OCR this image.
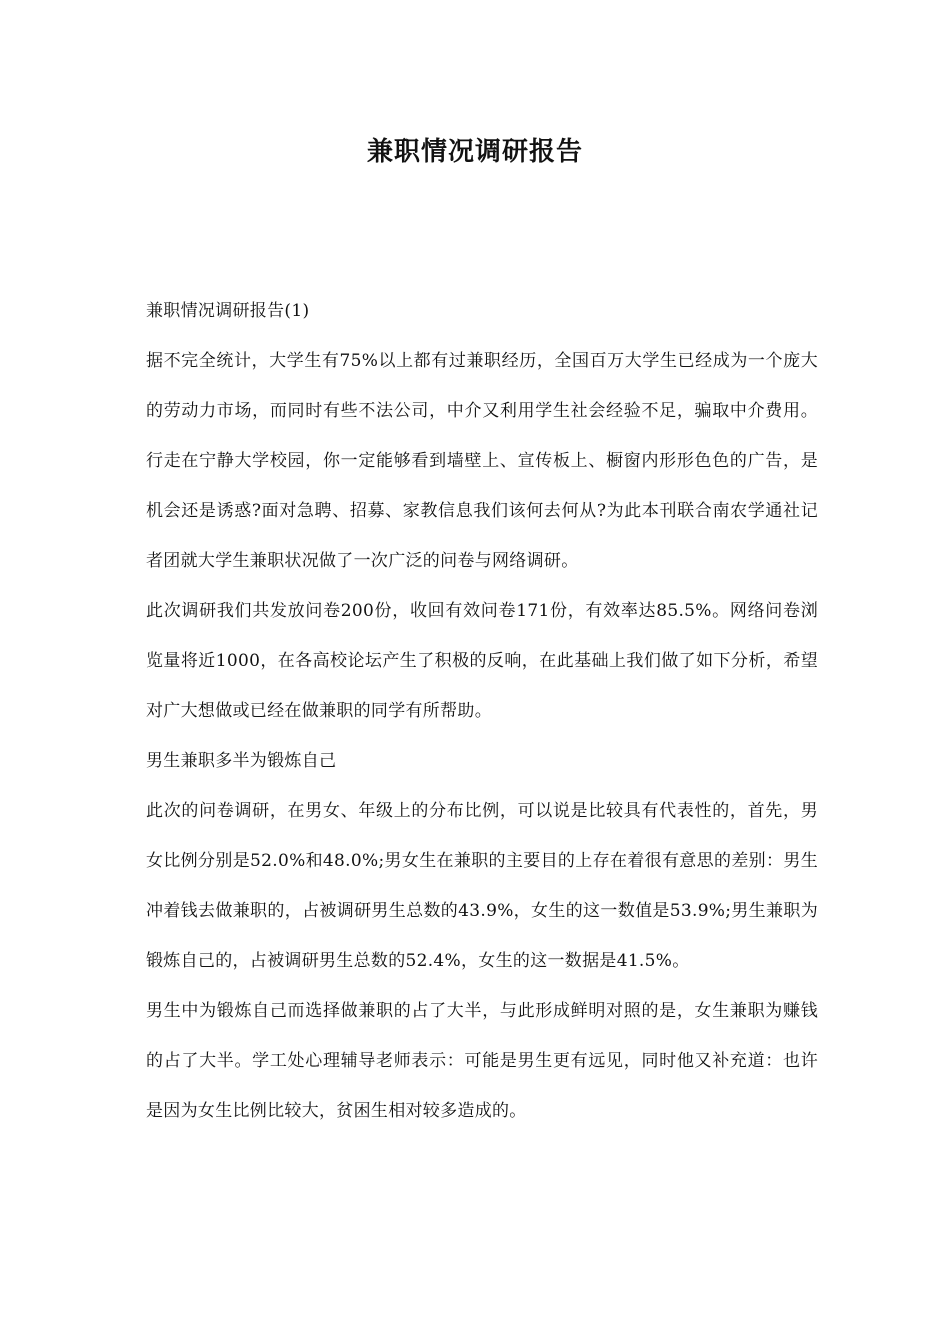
兼职情况调研报告

兼职情况调研报告(1)

据不完全统计，大学生有75%以上都有过兼职经历，全国百万大学生已经成为一个庞大的劳动力市场，而同时有些不法公司，中介又利用学生社会经验不足，骗取中介费用。行走在宁静大学校园，你一定能够看到墙壁上、宣传板上、橱窗内形形色色的广告，是机会还是诱惑?面对急聘、招募、家教信息我们该何去何从?为此本刊联合南农学通社记者团就大学生兼职状况做了一次广泛的问卷与网络调研。

此次调研我们共发放问卷200份，收回有效问卷171份，有效率达85.5%。网络问卷浏览量将近1000，在各高校论坛产生了积极的反响，在此基础上我们做了如下分析，希望对广大想做或已经在做兼职的同学有所帮助。

男生兼职多半为锻炼自己

此次的问卷调研，在男女、年级上的分布比例，可以说是比较具有代表性的，首先，男女比例分别是52.0%和48.0%;男女生在兼职的主要目的上存在着很有意思的差别：男生冲着钱去做兼职的，占被调研男生总数的43.9%，女生的这一数值是53.9%;男生兼职为锻炼自己的，占被调研男生总数的52.4%，女生的这一数据是41.5%。

男生中为锻炼自己而选择做兼职的占了大半，与此形成鲜明对照的是，女生兼职为赚钱的占了大半。学工处心理辅导老师表示：可能是男生更有远见，同时他又补充道：也许是因为女生比例比较大，贫困生相对较多造成的。
